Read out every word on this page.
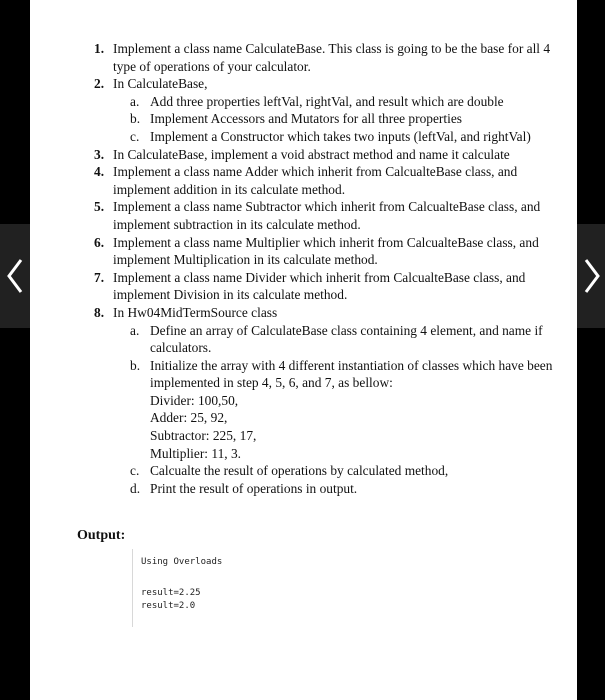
1. Implement a class name CalculateBase. This class is going to be the base for all 4 type of operations of your calculator.
2. In CalculateBase,
a. Add three properties leftVal, rightVal, and result which are double
b. Implement Accessors and Mutators for all three properties
c. Implement a Constructor which takes two inputs (leftVal, and rightVal)
3. In CalculateBase, implement a void abstract method and name it calculate
4. Implement a class name Adder which inherit from CalcualteBase class, and implement addition in its calculate method.
5. Implement a class name Subtractor which inherit from CalcualteBase class, and implement subtraction in its calculate method.
6. Implement a class name Multiplier which inherit from CalcualteBase class, and implement Multiplication in its calculate method.
7. Implement a class name Divider which inherit from CalcualteBase class, and implement Division in its calculate method.
8. In Hw04MidTermSource class
a. Define an array of CalculateBase class containing 4 element, and name if calculators.
b. Initialize the array with 4 different instantiation of classes which have been implemented in step 4, 5, 6, and 7, as bellow:
Divider: 100,50,
Adder: 25, 92,
Subtractor: 225, 17,
Multiplier: 11, 3.
c. Calcualte the result of operations by calculated method,
d. Print the result of operations in output.
Output:
Using Overloads
result=2.25
result=2.0
